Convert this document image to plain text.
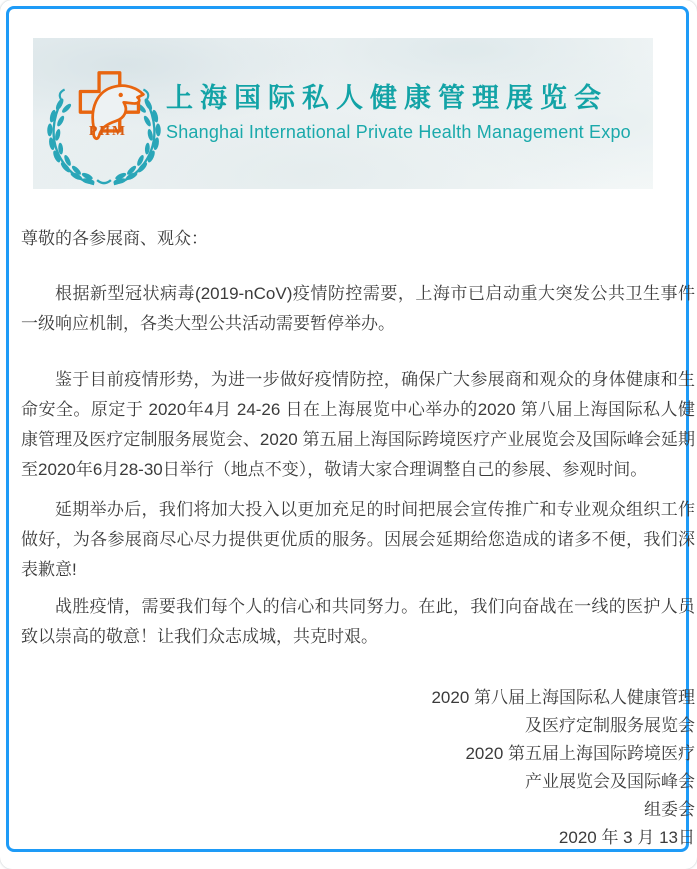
PHM
上海国际私人健康管理展览会
Shanghai International Private Health Management Expo
尊敬的各参展商、观众：

根据新型冠状病毒(2019-nCoV)疫情防控需要，上海市已启动重大突发公共卫生事件一级响应机制，各类大型公共活动需要暂停举办。

鉴于目前疫情形势，为进一步做好疫情防控，确保广大参展商和观众的身体健康和生命安全。原定于 2020年4月 24-26 日在上海展览中心举办的2020 第八届上海国际私人健康管理及医疗定制服务展览会、2020 第五届上海国际跨境医疗产业展览会及国际峰会延期至2020年6月28-30日举行（地点不变），敬请大家合理调整自己的参展、参观时间。

延期举办后，我们将加大投入以更加充足的时间把展会宣传推广和专业观众组织工作做好，为各参展商尽心尽力提供更优质的服务。因展会延期给您造成的诸多不便，我们深表歉意!

战胜疫情，需要我们每个人的信心和共同努力。在此，我们向奋战在一线的医护人员致以崇高的敬意！让我们众志成城，共克时艰。

2020 第八届上海国际私人健康管理
及医疗定制服务展览会
2020 第五届上海国际跨境医疗
产业展览会及国际峰会
组委会
2020 年 3 月 13日
